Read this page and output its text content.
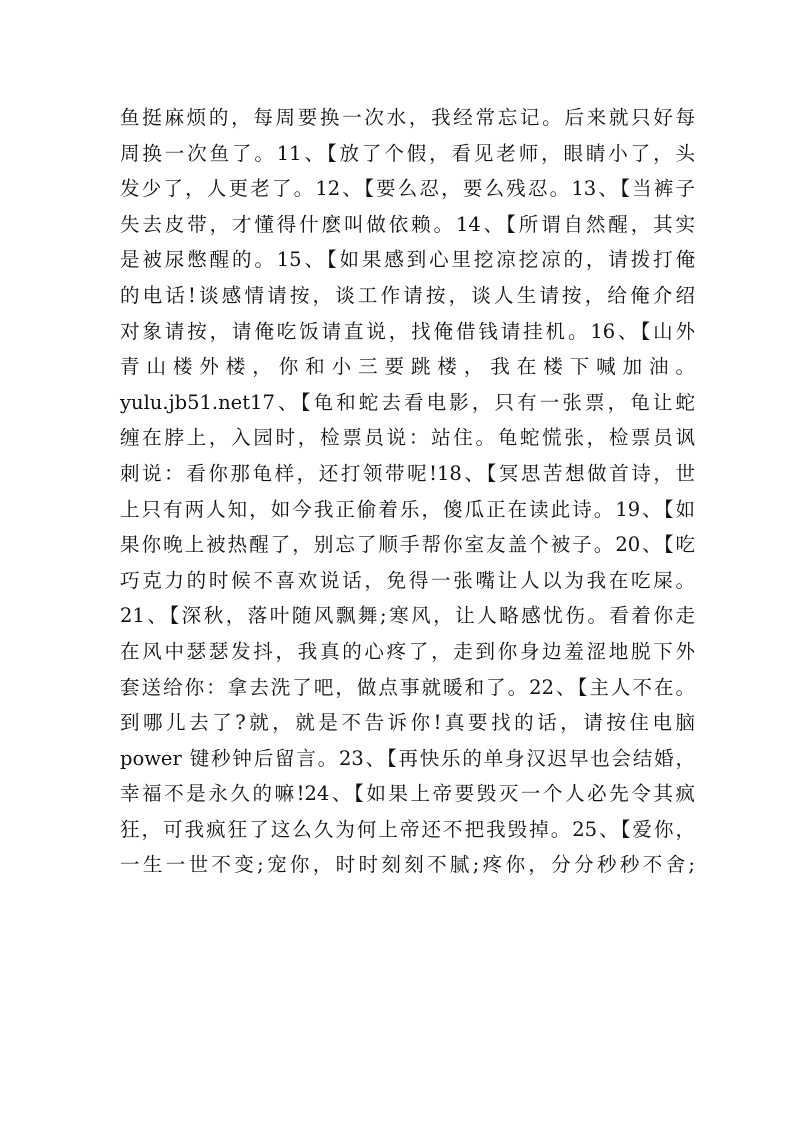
鱼挺麻烦的，每周要换一次水，我经常忘记。后来就只好每
周换一次鱼了。11、【放了个假，看见老师，眼睛小了，头
发少了，人更老了。12、【要么忍，要么残忍。13、【当裤子
失去皮带，才懂得什麽叫做依赖。14、【所谓自然醒，其实
是被尿憋醒的。15、【如果感到心里挖凉挖凉的，请拨打俺
的电话!谈感情请按，谈工作请按，谈人生请按，给俺介绍
对象请按，请俺吃饭请直说，找俺借钱请挂机。16、【山外
青山楼外楼，你和小三要跳楼，我在楼下喊加油。
yulu.jb51.net17、【龟和蛇去看电影，只有一张票，龟让蛇
缠在脖上，入园时，检票员说：站住。龟蛇慌张，检票员讽
刺说：看你那龟样，还打领带呢!18、【冥思苦想做首诗，世
上只有两人知，如今我正偷着乐，傻瓜正在读此诗。19、【如
果你晚上被热醒了，别忘了顺手帮你室友盖个被子。20、【吃
巧克力的时候不喜欢说话，免得一张嘴让人以为我在吃屎。
21、【深秋，落叶随风飘舞;寒风，让人略感忧伤。看着你走
在风中瑟瑟发抖，我真的心疼了，走到你身边羞涩地脱下外
套送给你：拿去洗了吧，做点事就暖和了。22、【主人不在。
到哪儿去了?就，就是不告诉你!真要找的话，请按住电脑
power 键秒钟后留言。23、【再快乐的单身汉迟早也会结婚，
幸福不是永久的嘛!24、【如果上帝要毁灭一个人必先令其疯
狂，可我疯狂了这么久为何上帝还不把我毁掉。25、【爱你，
一生一世不变;宠你，时时刻刻不腻;疼你，分分秒秒不舍;
